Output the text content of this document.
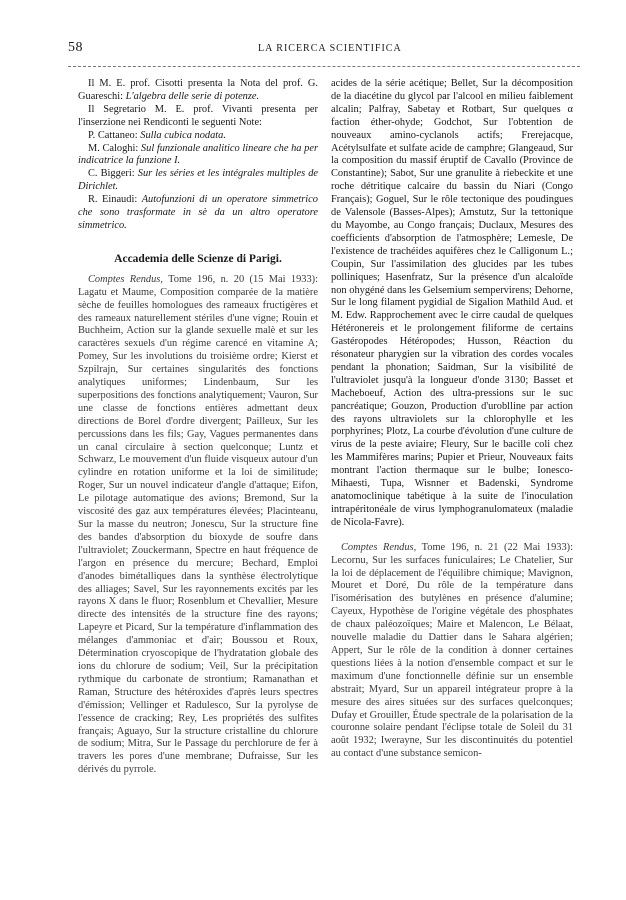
58	LA RICERCA SCIENTIFICA

Il M. E. prof. Cisotti presenta la Nota del prof. G. Guareschi: L'algebra delle serie di potenze.

Il Segretario M. E. prof. Vivanti presenta per l'inserzione nei Rendiconti le seguenti Note:

P. Cattaneo: Sulla cubica nodata.

M. Caloghi: Sul funzionale analitico lineare che ha per indicatrice la funzione I.

C. Biggeri: Sur les séries et les intégrales multiples de Dirichlet.

R. Einaudi: Autofunzioni di un operatore simmetrico che sono trasformate in sè da un altro operatore simmetrico.

Accademia delle Scienze di Parigi.

Comptes Rendus, Tome 196, n. 20 (15 Mai 1933): Lagatu et Maume, Composition comparée de la matière sèche de feuilles homologues des rameaux fructigères et des rameaux naturellement stériles d'une vigne; Rouin et Buchheim, Action sur la glande sexuelle malè et sur les caractères sexuels d'un régime carencé en vitamine A; Pomey, Sur les involutions du troisième ordre; Kierst et Szpilrajn, Sur certaines singularités des fonctions analytiques uniformes; Lindenbaum, Sur les superpositions des fonctions analytiquement; Vauron, Sur une classe de fonctions entières admettant deux directions de Borel d'ordre divergent; Pailleux, Sur les percussions dans les fils; Gay, Vagues permanentes dans un canal circulaire à section quelconque; Luntz et Schwarz, Le mouvement d'un fluide visqueux autour d'un cylindre en rotation uniforme et la loi de similitude; Roger, Sur un nouvel indicateur d'angle d'attaque; Eifon, Le pilotage automatique des avions; Bremond, Sur la viscosité des gaz aux températures élevées; Placinteanu, Sur la masse du neutron; Jonescu, Sur la structure fine des bandes d'absorption du bioxyde de soufre dans l'ultraviolet; Zouckermann, Spectre en haut fréquence de l'argon en présence du mercure; Bechard, Emploi d'anodes bimétalliques dans la synthèse électrolytique des alliages; Savel, Sur les rayonnements excités par les rayons X dans le fluor; Rosenblum et Chevallier, Mesure directe des intensités de la structure fine des rayons; Lapeyre et Picard, Sur la température d'inflammation des mélanges d'ammoniac et d'air; Boussou et Roux, Détermination cryoscopique de l'hydratation globale des ions du chlorure de sodium; Veil, Sur la précipitation rythmique du carbonate de strontium; Ramanathan et Raman, Structure des hétéroxides d'après leurs spectres d'émission; Vellinger et Radulesco, Sur la pyrolyse de l'essence de cracking; Rey, Les propriétés des sulfites français; Aguayo, Sur la structure cristalline du chlorure de sodium; Mitra, Sur le Passage du perchlorure de fer à travers les pores d'une membrane; Dufraisse, Sur les dérivés du pyrrole.

acides de la série acétique; Bellet, Sur la décomposition de la diacétine du glycol par l'alcool en milieu faiblement alcalin; Palfray, Sabetay et Rotbart, Sur quelques α faction éther-ohyde; Godchot, Sur l'obtention de nouveaux amino-cyclanols actifs; Frerejacque, Acétylsulfate et sulfate acide de camphre; Glangeaud, Sur la composition du massif éruptif de Cavallo (Province de Constantine); Sabot, Sur une granulite à riebeckite et une roche détritique calcaire du bassin du Niari (Congo Français); Goguel, Sur le rôle tectonique des poudingues de Valensole (Basses-Alpes); Amstutz, Sur la tettonique du Mayombe, au Congo français; Duclaux, Mesures des coefficients d'absorption de l'atmosphère; Lemesle, De l'existence de trachéides aquifères chez le Calligonum L.; Coupin, Sur l'assimilation des glucides par les tubes polliniques; Hasenfratz, Sur la présence d'un alcaloïde non ohygéné dans les Gelsemium sempervirens; Dehorne, Sur le long filament pygidial de Sigalion Mathild Aud. et M. Edw. Rapprochement avec le cirre caudal de quelques Hétéronereis et le prolongement filiforme de certains Gastéropodes Hétéropodes; Husson, Réaction du résonateur pharygien sur la vibration des cordes vocales pendant la phonation; Saidman, Sur la visibilité de l'ultraviolet jusqu'à la longueur d'onde 3130; Basset et Macheboeuf, Action des ultra-pressions sur le suc pancréatique; Gouzon, Production d'uroblline par action des rayons ultraviolets sur la chlorophylle et les porphyrines; Plotz, La courbe d'évolution d'une culture de virus de la peste aviaire; Fleury, Sur le bacille coli chez les Mammifères marins; Pupier et Prieur, Nouveaux faits montrant l'action thermaque sur le bulbe; Ionesco-Mihaesti, Tupa, Wisnner et Badenski, Syndrome anatomoclinique tabétique à la suite de l'inoculation intrapéritonéale de virus lymphogranulomateux (maladie de Nicola-Favre).

Comptes Rendus, Tome 196, n. 21 (22 Mai 1933): Lecornu, Sur les surfaces funiculaires; Le Chatelier, Sur la loi de déplacement de l'équilibre chimique; Mavignon, Mouret et Doré, Du rôle de la température dans l'isomérisation des butylènes en présence d'alumine; Cayeux, Hypothèse de l'origine végétale des phosphates de chaux paléozoïques; Maire et Malencon, Le Bélaat, nouvelle maladie du Dattier dans le Sahara algérien; Appert, Sur le rôle de la condition à donner certaines questions liées à la notion d'ensemble compact et sur le maximum d'une fonctionnelle définie sur un ensemble abstrait; Myard, Sur un appareil intégrateur propre à la mesure des aires situées sur des surfaces quelconques; Dufay et Grouiller, Étude spectrale de la polarisation de la couronne solaire pendant l'éclipse totale de Soleil du 31 août 1932; Iwerayne, Sur les discontinuités du potentiel au contact d'une substance semicon-
